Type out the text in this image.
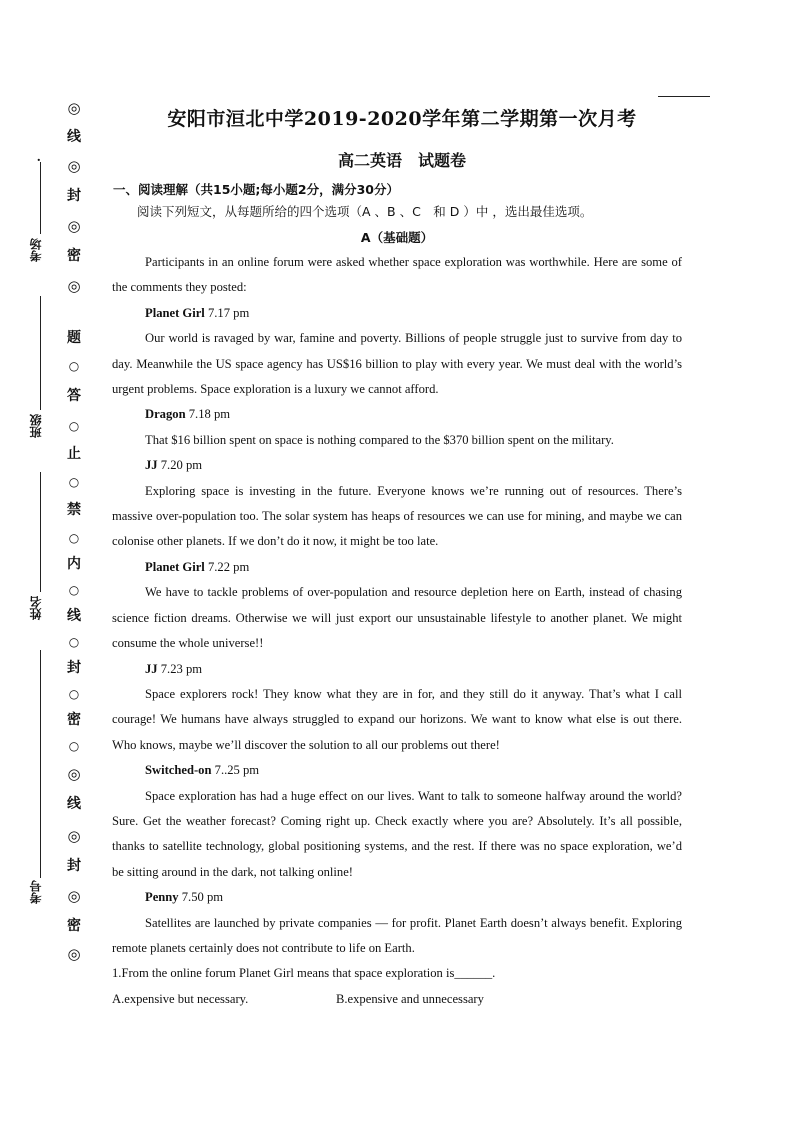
◎
线
◎
封
◎
密
◎
题
○
答
○
止
○
禁
○
内
○
线
○
封
○
密
○
◎
线
◎
封
◎
密
◎
.
考场
班级
姓名
考号
安阳市洹北中学2019-2020学年第二学期第一次月考
高二英语　试题卷
一、阅读理解（共15小题;每小题2分，满分30分）
阅读下列短文，从每题所给的四个选项（A 、B 、C　和 D ）中 ，选出最佳选项。
A（基础题）

Participants in an online forum were asked whether space exploration was worthwhile. Here are some of the comments they posted:

Planet Girl 7.17 pm

Our world is ravaged by war, famine and poverty. Billions of people struggle just to survive from day to day. Meanwhile the US space agency has US$16 billion to play with every year. We must deal with the world’s urgent problems. Space exploration is a luxury we cannot afford.

Dragon 7.18 pm

That $16 billion spent on space is nothing compared to the $370 billion spent on the military.

JJ 7.20 pm

Exploring space is investing in the future. Everyone knows we’re running out of resources. There’s massive over-population too. The solar system has heaps of resources we can use for mining, and maybe we can colonise other planets. If we don’t do it now, it might be too late.

Planet Girl 7.22 pm

We have to tackle problems of over-population and resource depletion here on Earth, instead of chasing science fiction dreams. Otherwise we will just export our unsustainable lifestyle to another planet. We might consume the whole universe!!

JJ 7.23 pm

Space explorers rock! They know what they are in for, and they still do it anyway. That’s what I call courage! We humans have always struggled to expand our horizons. We want to know what else is out there. Who knows, maybe we’ll discover the solution to all our problems out there!

Switched-on 7..25 pm

Space exploration has had a huge effect on our lives. Want to talk to someone halfway around the world? Sure. Get the weather forecast? Coming right up. Check exactly where you are? Absolutely. It’s all possible, thanks to satellite technology, global positioning systems, and the rest. If there was no space exploration, we’d be sitting around in the dark, not talking online!

Penny 7.50 pm

Satellites are launched by private companies — for profit. Planet Earth doesn’t always benefit. Exploring remote planets certainly does not contribute to life on Earth.

1.From the online forum Planet Girl means that space exploration is______.

A.expensive but necessary.	B.expensive and unnecessary
